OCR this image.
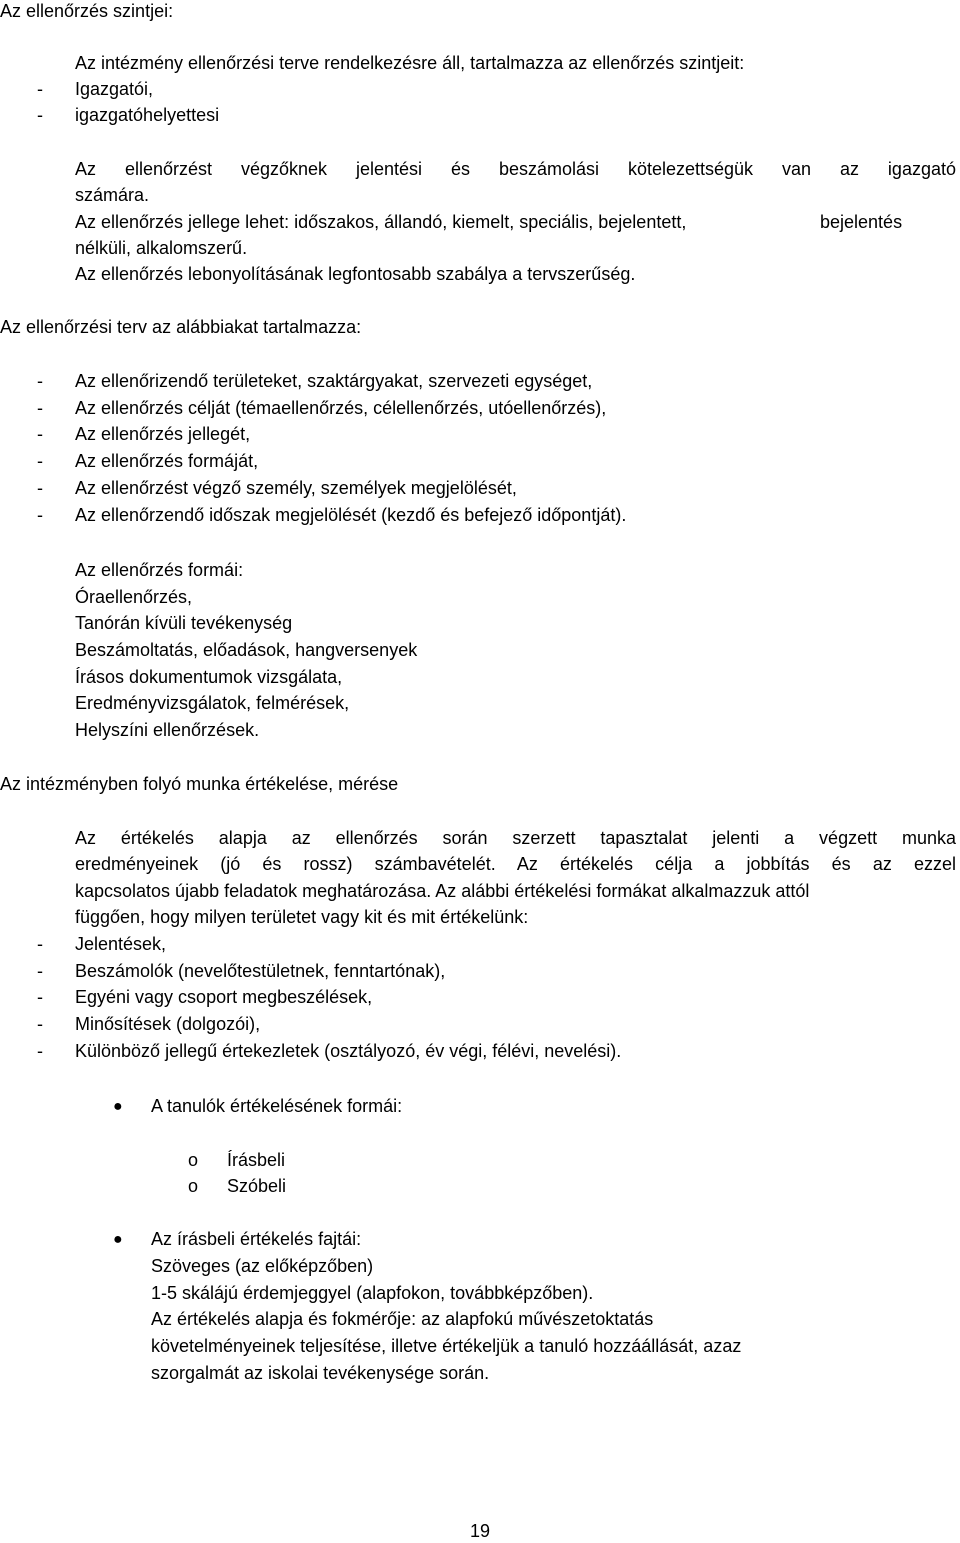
Az ellenőrzés szintjei:
Az intézmény ellenőrzési terve rendelkezésre áll, tartalmazza az ellenőrzés szintjeit:
- Igazgatói,
- igazgatóhelyettesi
Az ellenőrzést végzőknek jelentési és beszámolási kötelezettségük van az igazgató
számára.
Az ellenőrzés jellege lehet: időszakos, állandó, kiemelt, speciális, bejelentett,	bejelentés
nélküli, alkalomszerű.
Az ellenőrzés lebonyolításának legfontosabb szabálya a tervszerűség.
Az ellenőrzési terv az alábbiakat tartalmazza:
- Az ellenőrizendő területeket, szaktárgyakat, szervezeti egységet,
- Az ellenőrzés célját (témaellenőrzés, célellenőrzés, utóellenőrzés),
- Az ellenőrzés jellegét,
- Az ellenőrzés formáját,
- Az ellenőrzést végző személy, személyek megjelölését,
- Az ellenőrzendő időszak megjelölését (kezdő és befejező időpontját).
Az ellenőrzés formái:
Óraellenőrzés,
Tanórán kívüli tevékenység
Beszámoltatás, előadások, hangversenyek
Írásos dokumentumok vizsgálata,
Eredményvizsgálatok, felmérések,
Helyszíni ellenőrzések.
Az intézményben folyó munka értékelése, mérése
Az értékelés alapja az ellenőrzés során szerzett tapasztalat jelenti a végzett munka
eredményeinek (jó és rossz) számbavételét. Az értékelés célja a jobbítás és az ezzel
kapcsolatos újabb feladatok meghatározása. Az alábbi értékelési formákat alkalmazzuk attól
függően, hogy milyen területet vagy kit és mit értékelünk:
- Jelentések,
- Beszámolók (nevelőtestületnek, fenntartónak),
- Egyéni vagy csoport megbeszélések,
- Minősítések (dolgozói),
- Különböző jellegű értekezletek (osztályozó, év végi, félévi, nevelési).
● A tanulók értékelésének formái:
o Írásbeli
o Szóbeli
● Az írásbeli értékelés fajtái:
Szöveges (az előképzőben)
1-5 skálájú érdemjeggyel (alapfokon, továbbképzőben).
Az értékelés alapja és fokmérője: az alapfokú művészetoktatás
követelményeinek teljesítése, illetve értékeljük a tanuló hozzáállását, azaz
szorgalmát az iskolai tevékenysége során.
19
